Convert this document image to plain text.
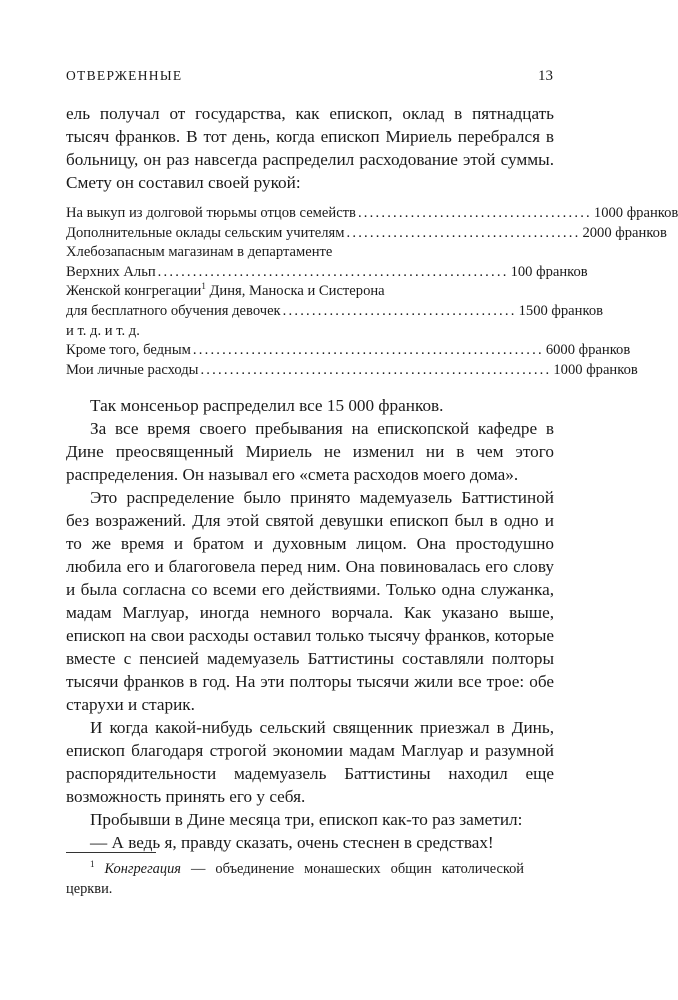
ОТВЕРЖЕННЫЕ	13

ель получал от государства, как епископ, оклад в пятнадцать тысяч франков. В тот день, когда епископ Мириель перебрался в больницу, он раз навсегда распределил расходование этой суммы. Смету он составил своей рукой:

На выкуп из долговой тюрьмы отцов семейств ........................................ 1000 франков
Дополнительные оклады сельским учителям ........................................ 2000 франков
Хлебозапасным магазинам в департаменте
Верхних Альп ............................................................ 100 франков
Женской конгрегации$^1$ Диня, Маноска и Систерона
для бесплатного обучения девочек ........................................ 1500 франков
и т. д. и т. д.
Кроме того, бедным ............................................................ 6000 франков
Мои личные расходы ............................................................ 1000 франков

Так монсеньор распределил все 15 000 франков.

За все время своего пребывания на епископской кафедре в Дине преосвященный Мириель не изменил ни в чем этого распределения. Он называл его «смета расходов моего дома».

Это распределение было принято мадемуазель Баттистиной без возражений. Для этой святой девушки епископ был в одно и то же время и братом и духовным лицом. Она простодушно любила его и благоговела перед ним. Она повиновалась его слову и была согласна со всеми его действиями. Только одна служанка, мадам Маглуар, иногда немного ворчала. Как указано выше, епископ на свои расходы оставил только тысячу франков, которые вместе с пенсией мадемуазель Баттистины составляли полторы тысячи франков в год. На эти полторы тысячи жили все трое: обе старухи и старик.

И когда какой-нибудь сельский священник приезжал в Динь, епископ благодаря строгой экономии мадам Маглуар и разумной распорядительности мадемуазель Баттистины находил еще возможность принять его у себя.

Пробывши в Дине месяца три, епископ как-то раз заметил:

— А ведь я, правду сказать, очень стеснен в средствах!

$^1$ Конгрегация — объединение монашеских общин католической церкви.
